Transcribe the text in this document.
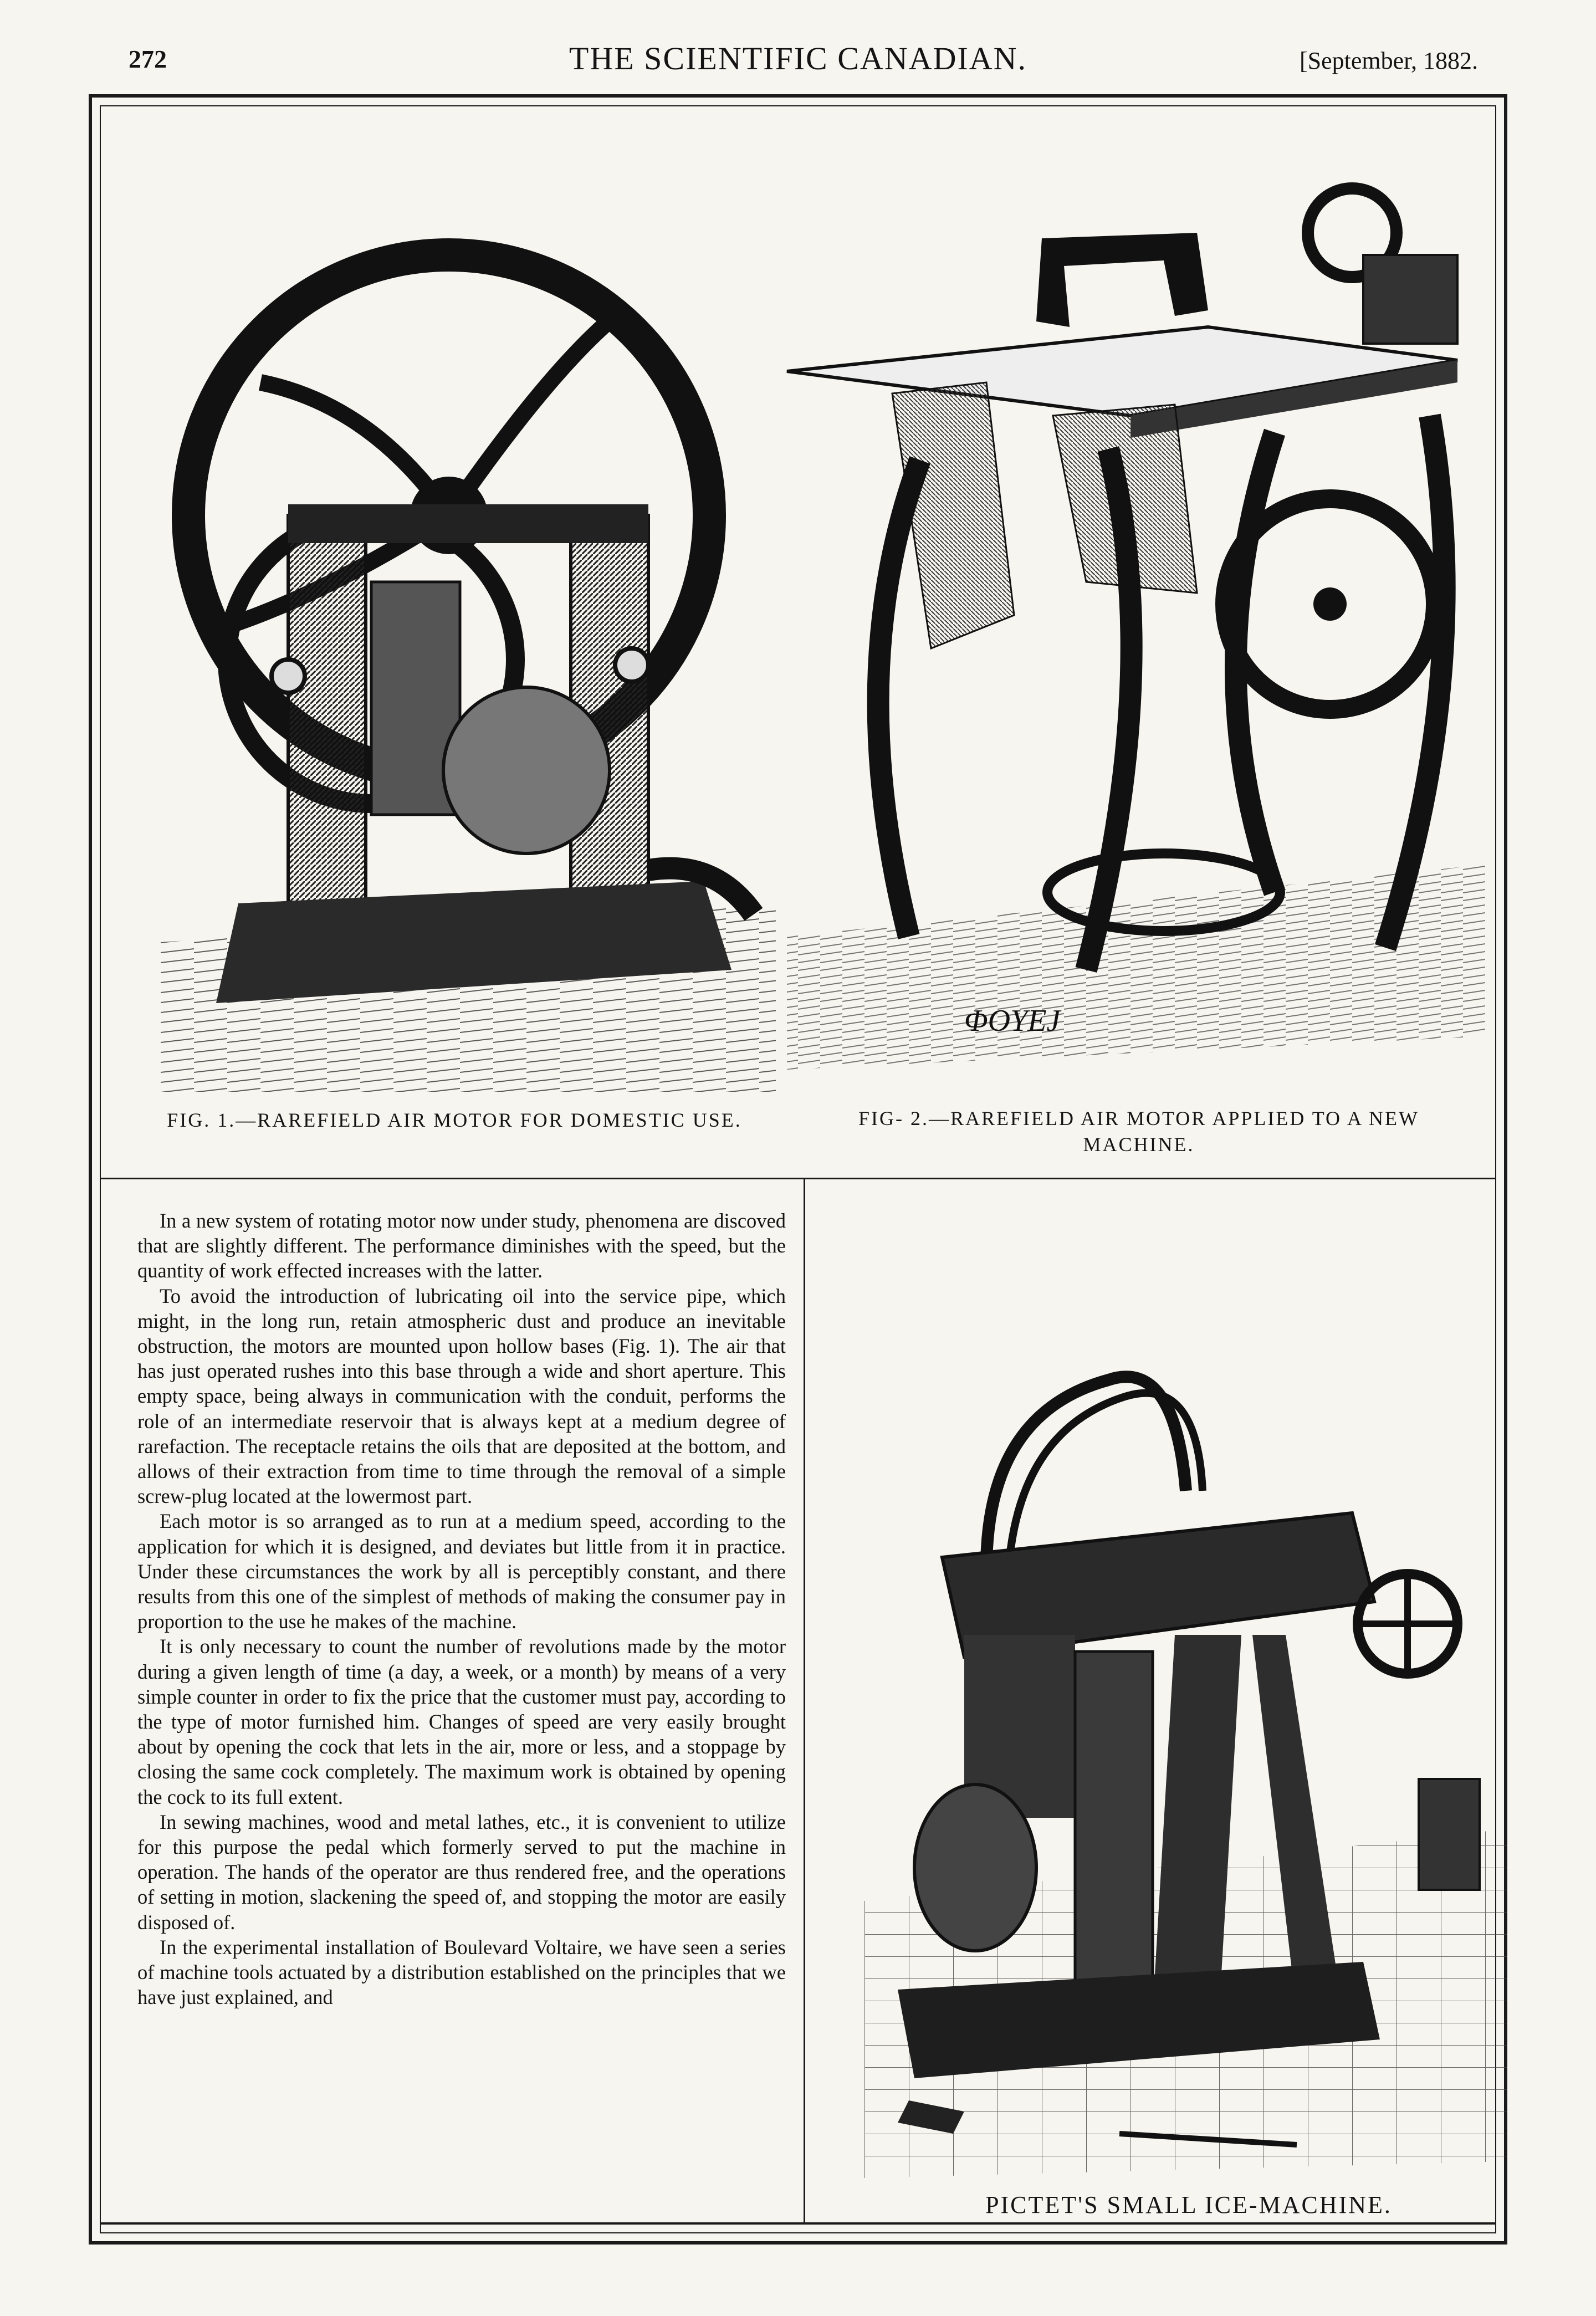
272	THE SCIENTIFIC CANADIAN.	[September, 1882.
ΦOYEJ
FIG. 1.—RAREFIELD AIR MOTOR FOR DOMESTIC USE.	FIG- 2.—RAREFIELD AIR MOTOR APPLIED TO A NEW MACHINE.
PICTET'S SMALL ICE-MACHINE.

In a new system of rotating motor now under study, phenomena are discoved that are slightly different. The performance diminishes with the speed, but the quantity of work effected increases with the latter.

To avoid the introduction of lubricating oil into the service pipe, which might, in the long run, retain atmospheric dust and produce an inevitable obstruction, the motors are mounted upon hollow bases (Fig. 1). The air that has just operated rushes into this base through a wide and short aperture. This empty space, being always in communication with the conduit, performs the role of an intermediate reservoir that is always kept at a medium degree of rarefaction. The receptacle retains the oils that are deposited at the bottom, and allows of their extraction from time to time through the removal of a simple screw-plug located at the lowermost part.

Each motor is so arranged as to run at a medium speed, according to the application for which it is designed, and deviates but little from it in practice. Under these circumstances the work by all is perceptibly constant, and there results from this one of the simplest of methods of making the consumer pay in proportion to the use he makes of the machine.

It is only necessary to count the number of revolutions made by the motor during a given length of time (a day, a week, or a month) by means of a very simple counter in order to fix the price that the customer must pay, according to the type of motor furnished him. Changes of speed are very easily brought about by opening the cock that lets in the air, more or less, and a stoppage by closing the same cock completely. The maximum work is obtained by opening the cock to its full extent.

In sewing machines, wood and metal lathes, etc., it is convenient to utilize for this purpose the pedal which formerly served to put the machine in operation. The hands of the operator are thus rendered free, and the operations of setting in motion, slackening the speed of, and stopping the motor are easily disposed of.

In the experimental installation of Boulevard Voltaire, we have seen a series of machine tools actuated by a distribution established on the principles that we have just explained, and
